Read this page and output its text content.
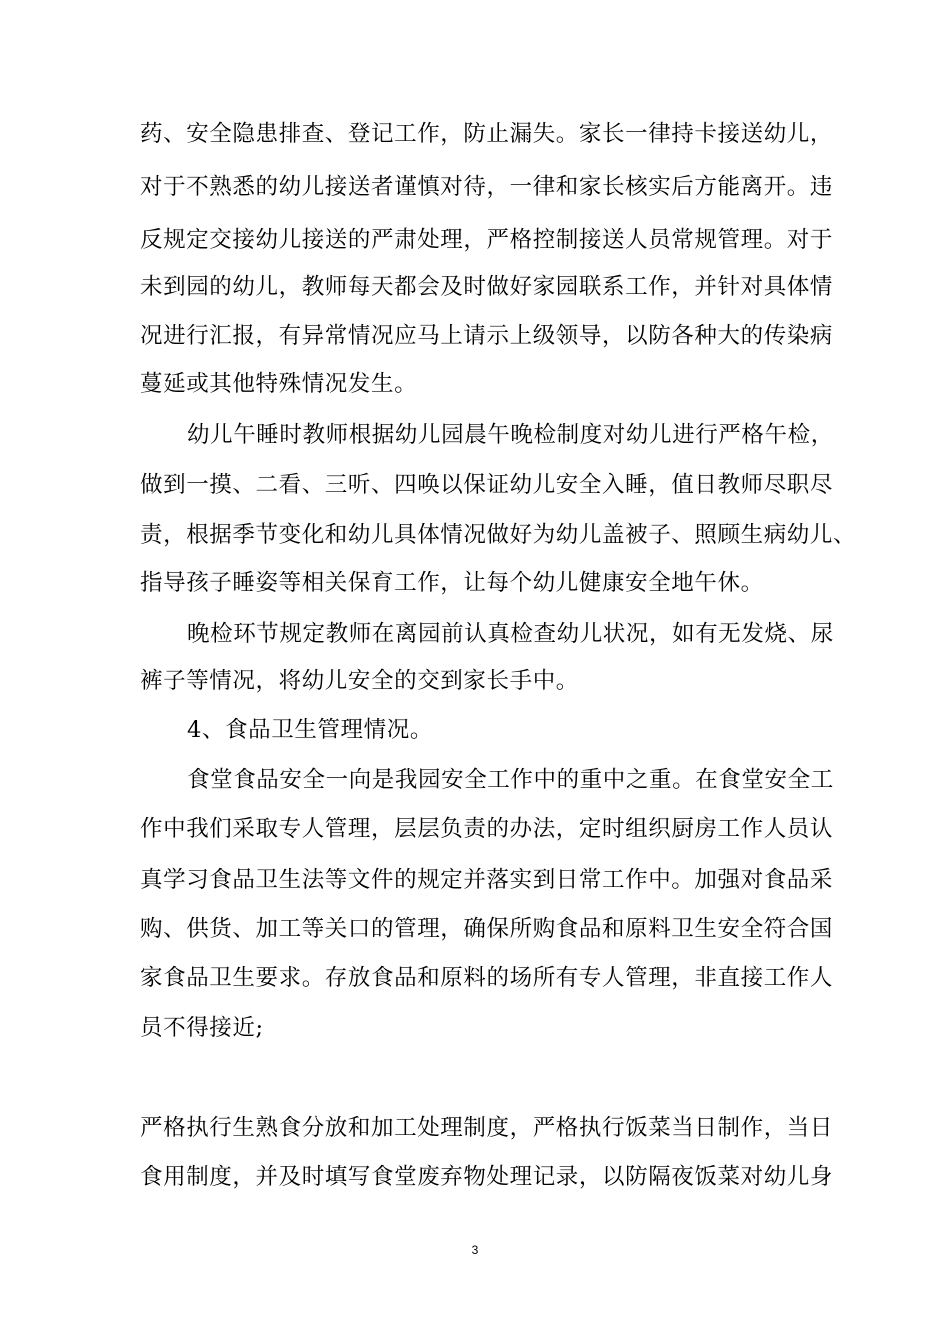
药、安全隐患排查、登记工作，防止漏失。家长一律持卡接送幼儿，
对于不熟悉的幼儿接送者谨慎对待，一律和家长核实后方能离开。违
反规定交接幼儿接送的严肃处理，严格控制接送人员常规管理。对于
未到园的幼儿，教师每天都会及时做好家园联系工作，并针对具体情
况进行汇报，有异常情况应马上请示上级领导，以防各种大的传染病
蔓延或其他特殊情况发生。
幼儿午睡时教师根据幼儿园晨午晚检制度对幼儿进行严格午检，
做到一摸、二看、三听、四唤以保证幼儿安全入睡，值日教师尽职尽
责，根据季节变化和幼儿具体情况做好为幼儿盖被子、照顾生病幼儿、
指导孩子睡姿等相关保育工作，让每个幼儿健康安全地午休。
晚检环节规定教师在离园前认真检查幼儿状况，如有无发烧、尿
裤子等情况，将幼儿安全的交到家长手中。
4、食品卫生管理情况。
食堂食品安全一向是我园安全工作中的重中之重。在食堂安全工
作中我们采取专人管理，层层负责的办法，定时组织厨房工作人员认
真学习食品卫生法等文件的规定并落实到日常工作中。加强对食品采
购、供货、加工等关口的管理，确保所购食品和原料卫生安全符合国
家食品卫生要求。存放食品和原料的场所有专人管理，非直接工作人
员不得接近;
严格执行生熟食分放和加工处理制度，严格执行饭菜当日制作，当日
食用制度，并及时填写食堂废弃物处理记录，以防隔夜饭菜对幼儿身
3
